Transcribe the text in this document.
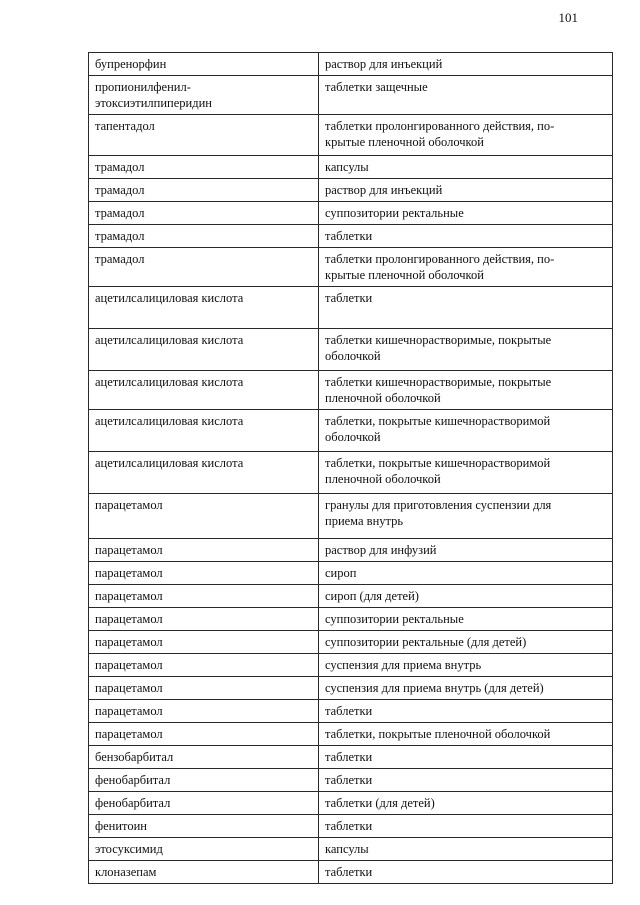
101
бупренорфин	раствор для инъекций
пропионилфенил-
этоксиэтилпиперидин	таблетки защечные
тапентадол	таблетки пролонгированного действия, по-
крытые пленочной оболочкой
трамадол	капсулы
трамадол	раствор для инъекций
трамадол	суппозитории ректальные
трамадол	таблетки
трамадол	таблетки пролонгированного действия, по-
крытые пленочной оболочкой
ацетилсалициловая кислота	таблетки
ацетилсалициловая кислота	таблетки кишечнорастворимые, покрытые
оболочкой
ацетилсалициловая кислота	таблетки кишечнорастворимые, покрытые
пленочной оболочкой
ацетилсалициловая кислота	таблетки, покрытые кишечнорастворимой
оболочкой
ацетилсалициловая кислота	таблетки, покрытые кишечнорастворимой
пленочной оболочкой
парацетамол	гранулы для приготовления суспензии для
приема внутрь
парацетамол	раствор для инфузий
парацетамол	сироп
парацетамол	сироп (для детей)
парацетамол	суппозитории ректальные
парацетамол	суппозитории ректальные (для детей)
парацетамол	суспензия для приема внутрь
парацетамол	суспензия для приема внутрь (для детей)
парацетамол	таблетки
парацетамол	таблетки, покрытые пленочной оболочкой
бензобарбитал	таблетки
фенобарбитал	таблетки
фенобарбитал	таблетки (для детей)
фенитоин	таблетки
этосуксимид	капсулы
клоназепам	таблетки
